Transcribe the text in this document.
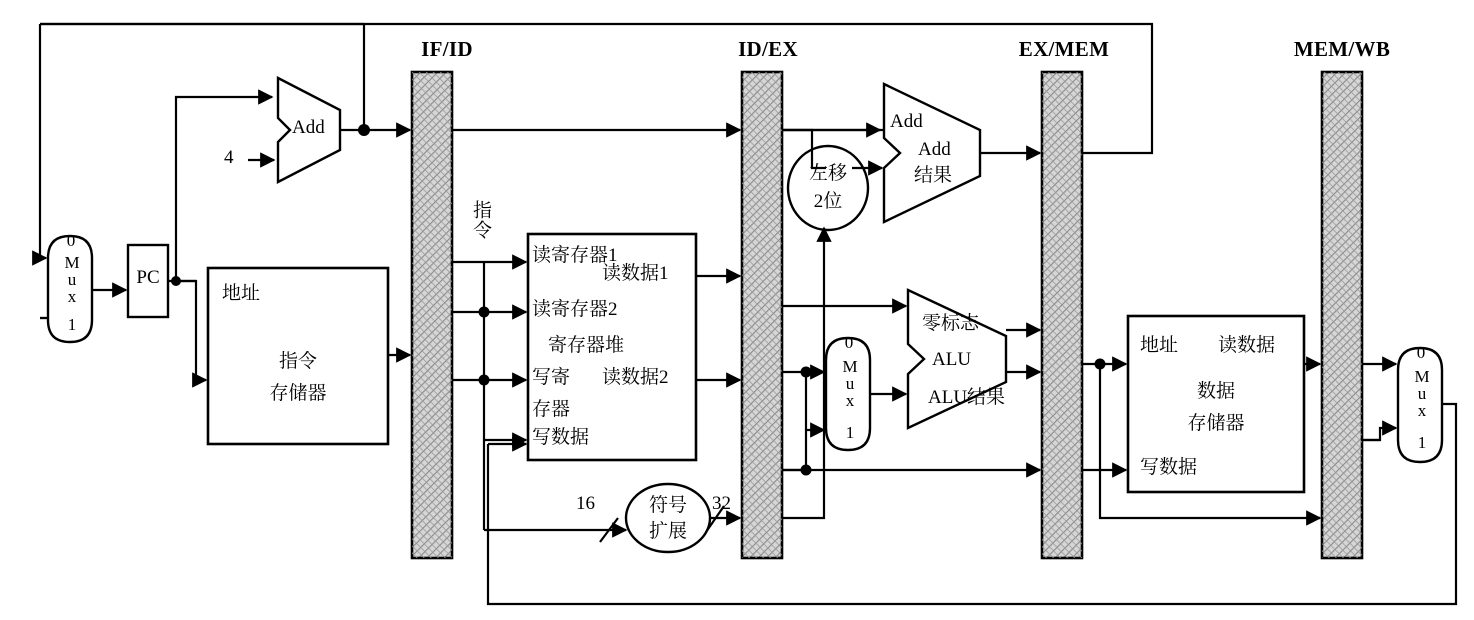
IF/ID	ID/EX	EX/MEM	MEM/WB
0
M
u
x
1
PC
4
Add
地址
指令
存储器
指令
读寄存器1
读数据1
读寄存器2
寄存器堆
写寄
存器
读数据2
写数据
16	32
符号
扩展
左移
2位
Add
Add
结果
0
M
u
x
1
零标志
ALU
ALU结果
地址 读数据
数据
存储器
写数据
0
M
u
x
1
